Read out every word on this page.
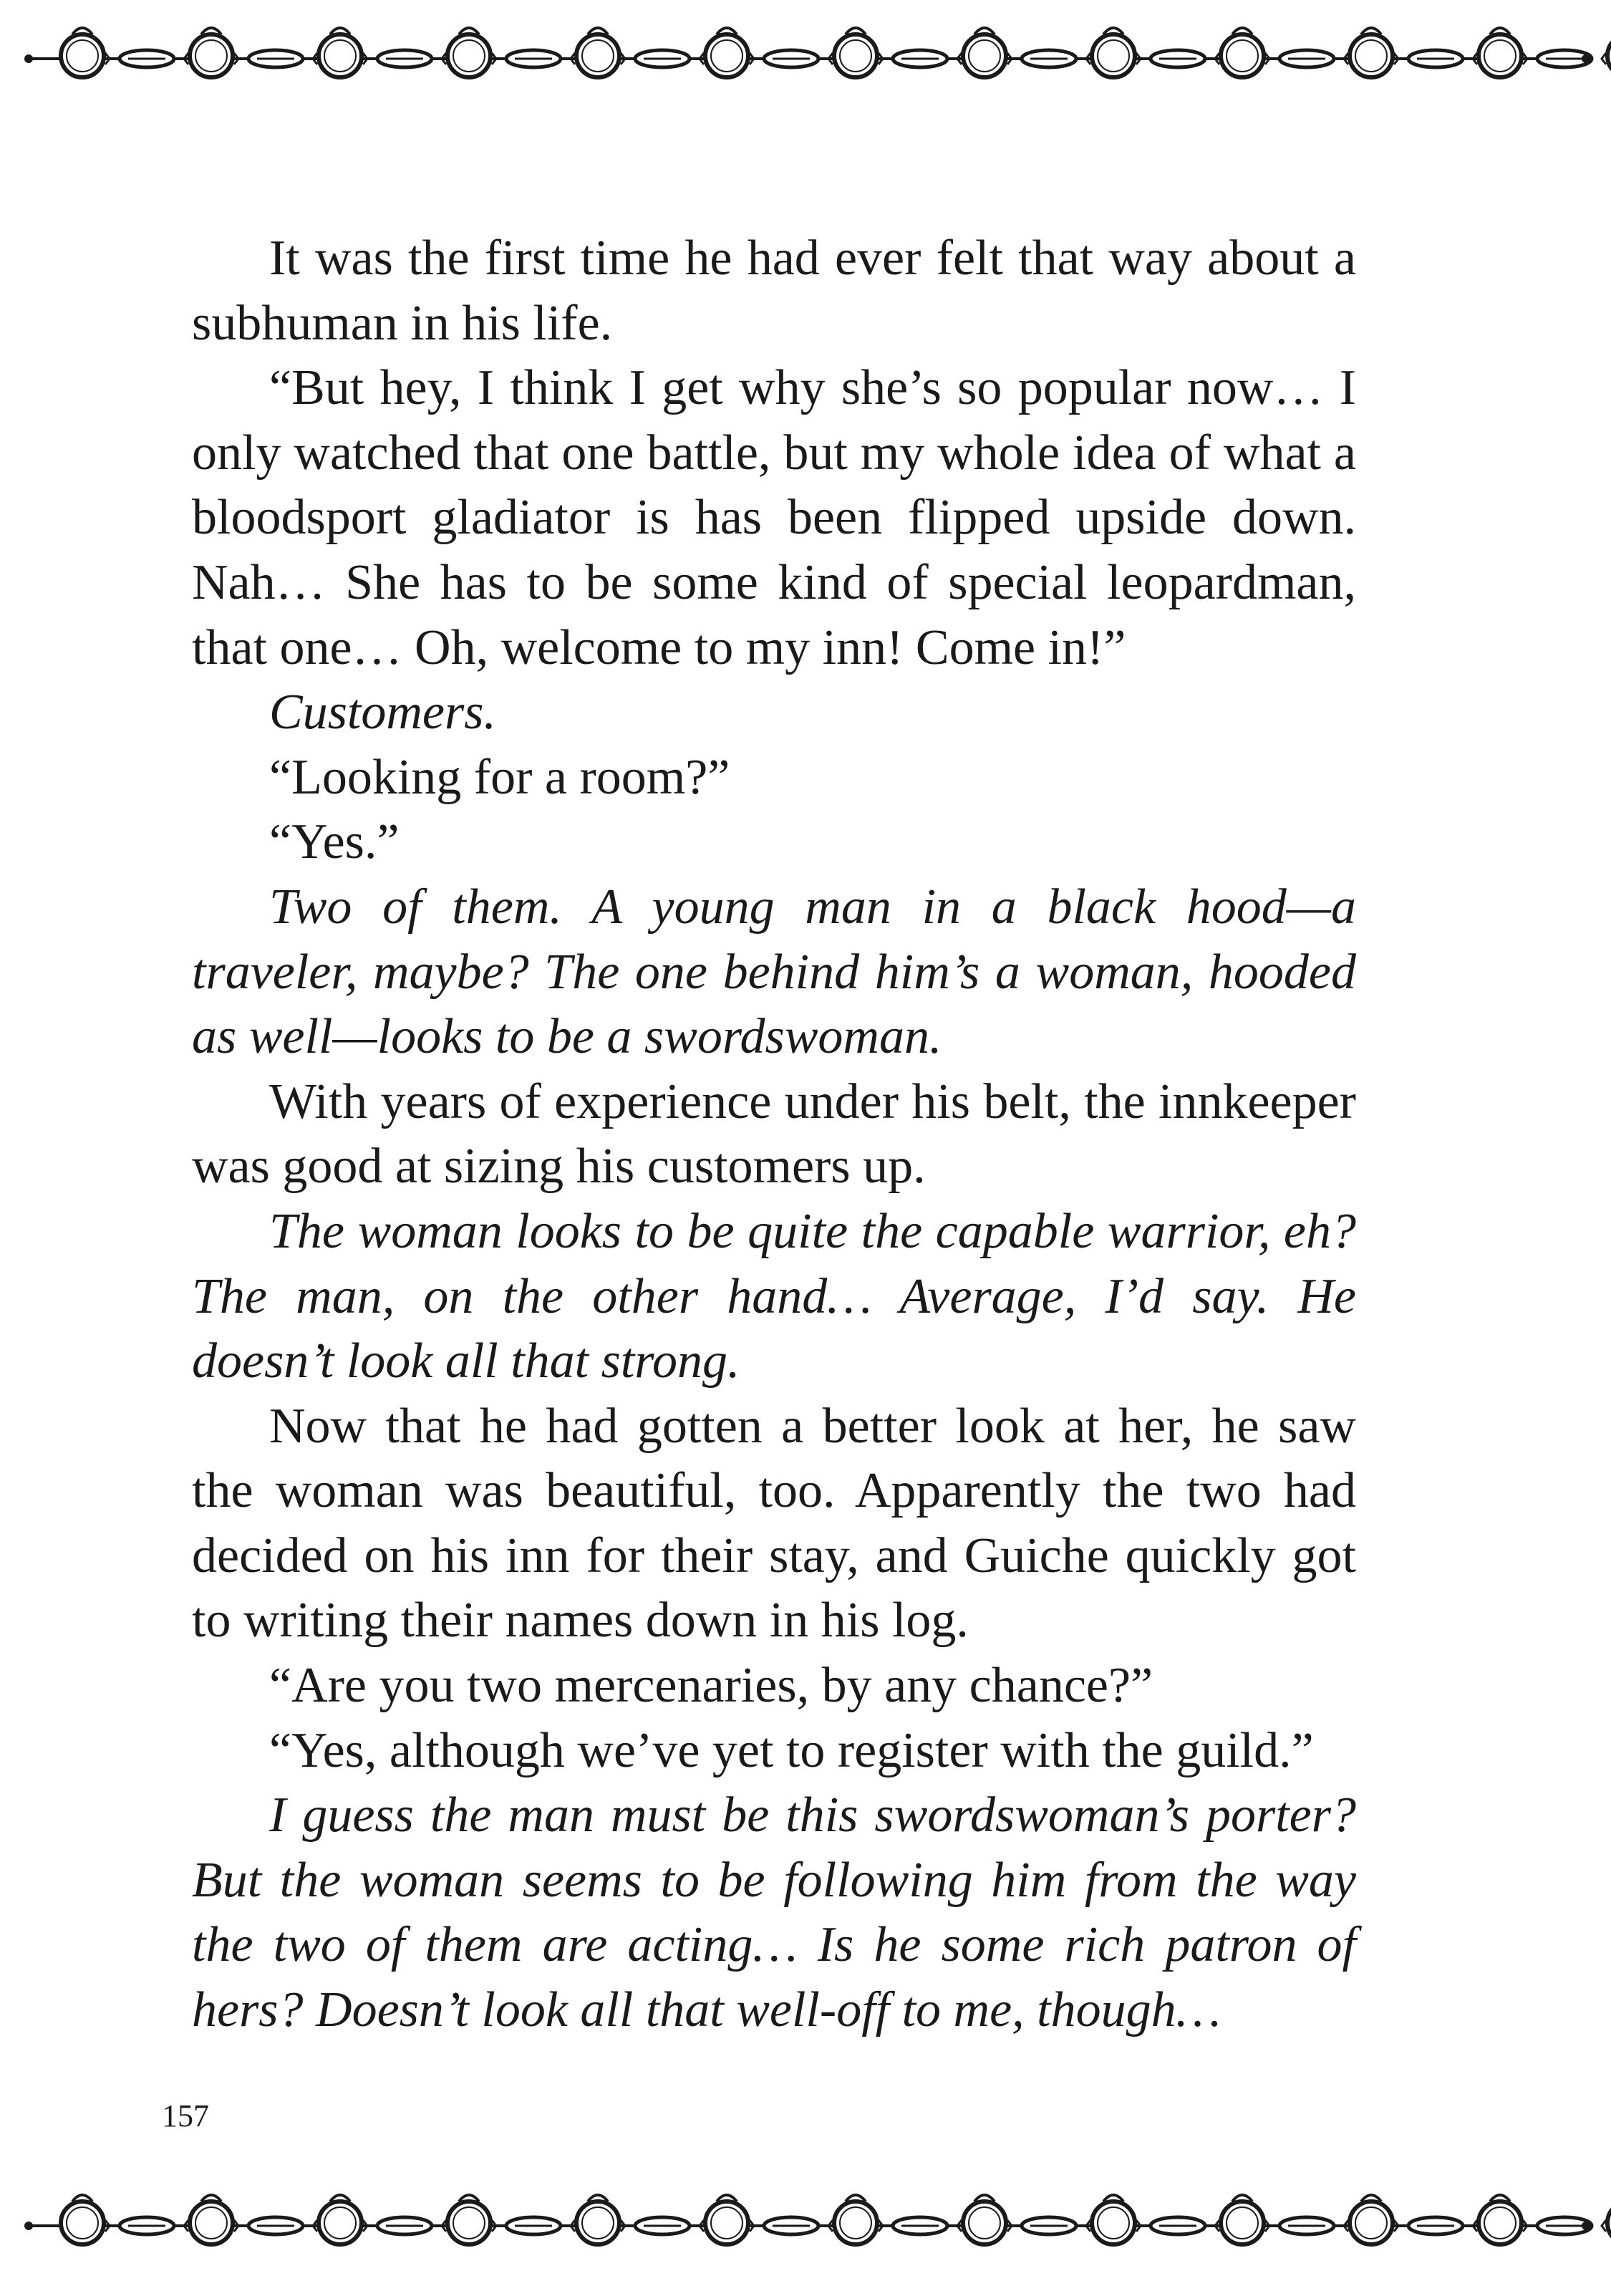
It was the first time he had ever felt that way about a subhuman in his life.

“But hey, I think I get why she’s so popular now… I only watched that one battle, but my whole idea of what a bloodsport gladiator is has been flipped upside down. Nah… She has to be some kind of special leopardman, that one… Oh, welcome to my inn! Come in!”

Customers.

“Looking for a room?”

“Yes.”

Two of them. A young man in a black hood—a traveler, maybe? The one behind him’s a woman, hooded as well—looks to be a swordswoman.

With years of experience under his belt, the innkeeper was good at sizing his customers up.

The woman looks to be quite the capable warrior, eh? The man, on the other hand… Average, I’d say. He doesn’t look all that strong.

Now that he had gotten a better look at her, he saw the woman was beautiful, too. Apparently the two had decided on his inn for their stay, and Guiche quickly got to writing their names down in his log.

“Are you two mercenaries, by any chance?”

“Yes, although we’ve yet to register with the guild.”

I guess the man must be this swordswoman’s porter? But the woman seems to be following him from the way the two of them are acting… Is he some rich patron of hers? Doesn’t look all that well-off to me, though…

157
